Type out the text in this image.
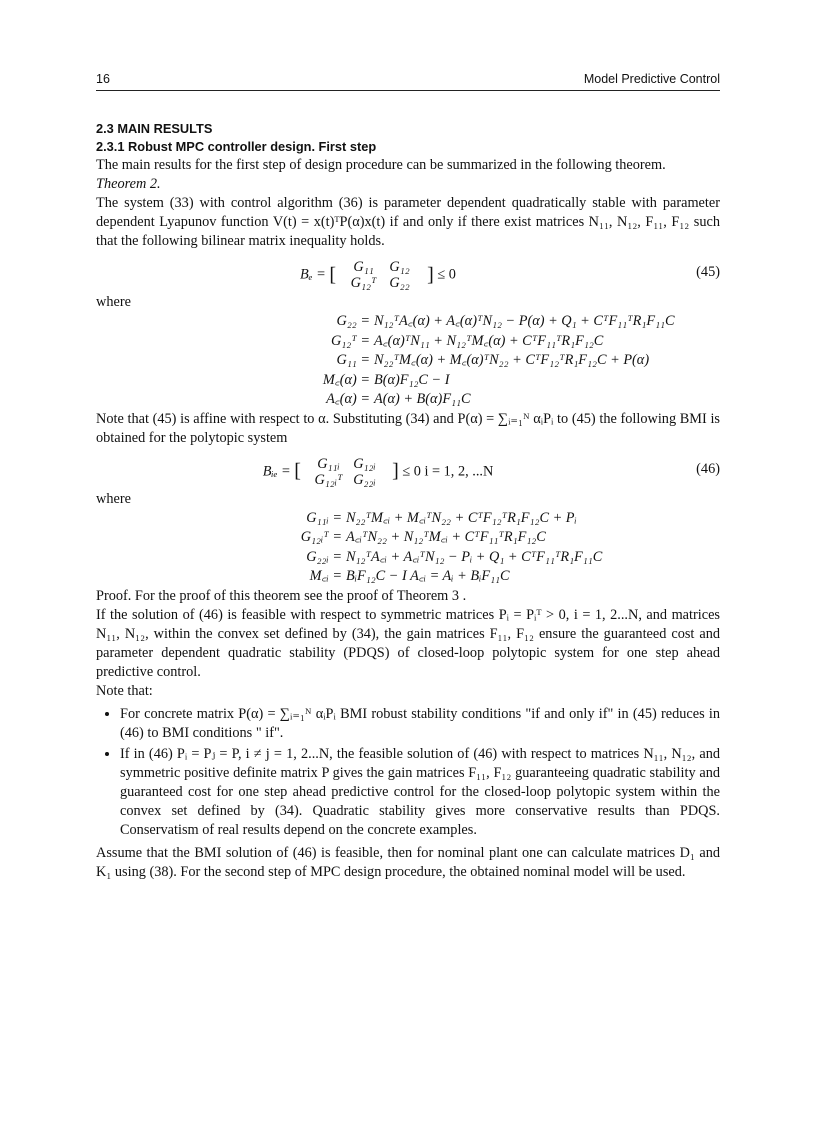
16	Model Predictive Control
2.3 MAIN RESULTS
2.3.1 Robust MPC controller design. First step

The main results for the first step of design procedure can be summarized in the following theorem.

Theorem 2.

The system (33) with control algorithm (36) is parameter dependent quadratically stable with parameter dependent Lyapunov function V(t) = x(t)ᵀP(α)x(t) if and only if there exist matrices N₁₁, N₁₂, F₁₁, F₁₂ such that the following bilinear matrix inequality holds.

Bₑ = [ G₁₁ G₁₂
G₁₂ᵀ G₂₂ ] ≤ 0	(45)

where

G₂₂ = N₁₂ᵀA꜀(α) + A꜀(α)ᵀN₁₂ − P(α) + Q₁ + CᵀF₁₁ᵀR₁F₁₁C
G₁₂ᵀ = A꜀(α)ᵀN₁₁ + N₁₂ᵀM꜀(α) + CᵀF₁₁ᵀR₁F₁₂C
G₁₁ = N₂₂ᵀM꜀(α) + M꜀(α)ᵀN₂₂ + CᵀF₁₂ᵀR₁F₁₂C + P(α)
M꜀(α) = B(α)F₁₂C − I
A꜀(α) = A(α) + B(α)F₁₁C

Note that (45) is affine with respect to α. Substituting (34) and P(α) = ∑ᵢ₌₁ᴺ αᵢPᵢ to (45) the following BMI is obtained for the polytopic system

Bᵢₑ = [ G₁₁ᵢ G₁₂ᵢ
G₁₂ᵢᵀ G₂₂ᵢ ] ≤ 0 i = 1, 2, ...N	(46)

where

G₁₁ᵢ = N₂₂ᵀM꜀ᵢ + M꜀ᵢᵀN₂₂ + CᵀF₁₂ᵀR₁F₁₂C + Pᵢ
G₁₂ᵢᵀ = A꜀ᵢᵀN₂₂ + N₁₂ᵀM꜀ᵢ + CᵀF₁₁ᵀR₁F₁₂C
G₂₂ᵢ = N₁₂ᵀA꜀ᵢ + A꜀ᵢᵀN₁₂ − Pᵢ + Q₁ + CᵀF₁₁ᵀR₁F₁₁C
M꜀ᵢ = BᵢF₁₂C − I A꜀ᵢ = Aᵢ + BᵢF₁₁C

Proof. For the proof of this theorem see the proof of Theorem 3 .

If the solution of (46) is feasible with respect to symmetric matrices Pᵢ = Pᵢᵀ > 0, i = 1, 2...N, and matrices N₁₁, N₁₂, within the convex set defined by (34), the gain matrices F₁₁, F₁₂ ensure the guaranteed cost and parameter dependent quadratic stability (PDQS) of closed-loop polytopic system for one step ahead predictive control.

Note that:

• For concrete matrix P(α) = ∑ᵢ₌₁ᴺ αᵢPᵢ BMI robust stability conditions "if and only if" in (45) reduces in (46) to BMI conditions " if".
• If in (46) Pᵢ = Pⱼ = P, i ≠ j = 1, 2...N, the feasible solution of (46) with respect to matrices N₁₁, N₁₂, and symmetric positive definite matrix P gives the gain matrices F₁₁, F₁₂ guaranteeing quadratic stability and guaranteed cost for one step ahead predictive control for the closed-loop polytopic system within the convex set defined by (34). Quadratic stability gives more conservative results than PDQS. Conservatism of real results depend on the concrete examples.

Assume that the BMI solution of (46) is feasible, then for nominal plant one can calculate matrices D₁ and K₁ using (38). For the second step of MPC design procedure, the obtained nominal model will be used.
